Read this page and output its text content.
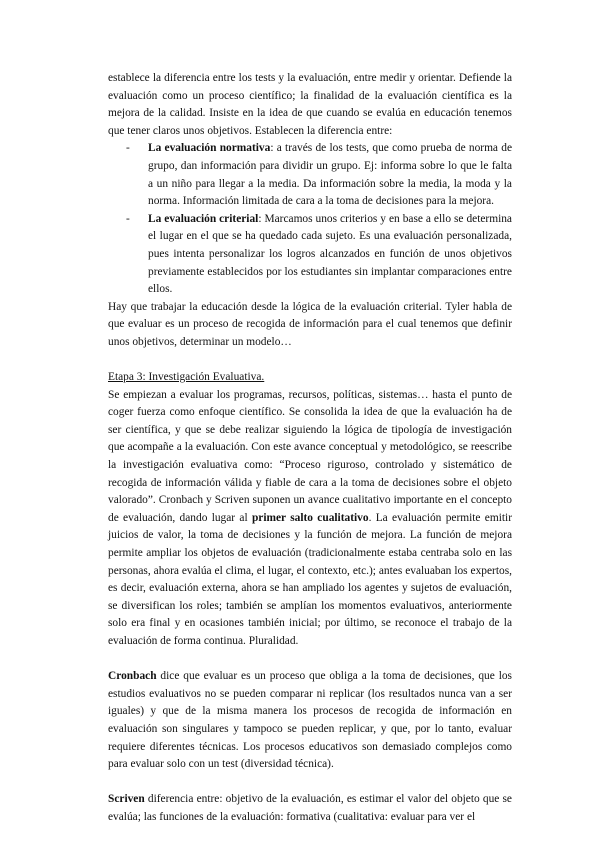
establece la diferencia entre los tests y la evaluación, entre medir y orientar. Defiende la evaluación como un proceso científico; la finalidad de la evaluación científica es la mejora de la calidad. Insiste en la idea de que cuando se evalúa en educación tenemos que tener claros unos objetivos. Establecen la diferencia entre:

- La evaluación normativa: a través de los tests, que como prueba de norma de grupo, dan información para dividir un grupo. Ej: informa sobre lo que le falta a un niño para llegar a la media. Da información sobre la media, la moda y la norma. Información limitada de cara a la toma de decisiones para la mejora.
- La evaluación criterial: Marcamos unos criterios y en base a ello se determina el lugar en el que se ha quedado cada sujeto. Es una evaluación personalizada, pues intenta personalizar los logros alcanzados en función de unos objetivos previamente establecidos por los estudiantes sin implantar comparaciones entre ellos.

Hay que trabajar la educación desde la lógica de la evaluación criterial. Tyler habla de que evaluar es un proceso de recogida de información para el cual tenemos que definir unos objetivos, determinar un modelo…

Etapa 3: Investigación Evaluativa.

Se empiezan a evaluar los programas, recursos, políticas, sistemas… hasta el punto de coger fuerza como enfoque científico. Se consolida la idea de que la evaluación ha de ser científica, y que se debe realizar siguiendo la lógica de tipología de investigación que acompañe a la evaluación. Con este avance conceptual y metodológico, se reescribe la investigación evaluativa como: “Proceso riguroso, controlado y sistemático de recogida de información válida y fiable de cara a la toma de decisiones sobre el objeto valorado”. Cronbach y Scriven suponen un avance cualitativo importante en el concepto de evaluación, dando lugar al primer salto cualitativo. La evaluación permite emitir juicios de valor, la toma de decisiones y la función de mejora. La función de mejora permite ampliar los objetos de evaluación (tradicionalmente estaba centraba solo en las personas, ahora evalúa el clima, el lugar, el contexto, etc.); antes evaluaban los expertos, es decir, evaluación externa, ahora se han ampliado los agentes y sujetos de evaluación, se diversifican los roles; también se amplían los momentos evaluativos, anteriormente solo era final y en ocasiones también inicial; por último, se reconoce el trabajo de la evaluación de forma continua. Pluralidad.

Cronbach dice que evaluar es un proceso que obliga a la toma de decisiones, que los estudios evaluativos no se pueden comparar ni replicar (los resultados nunca van a ser iguales) y que de la misma manera los procesos de recogida de información en evaluación son singulares y tampoco se pueden replicar, y que, por lo tanto, evaluar requiere diferentes técnicas. Los procesos educativos son demasiado complejos como para evaluar solo con un test (diversidad técnica).

Scriven diferencia entre: objetivo de la evaluación, es estimar el valor del objeto que se evalúa; las funciones de la evaluación: formativa (cualitativa: evaluar para ver el
